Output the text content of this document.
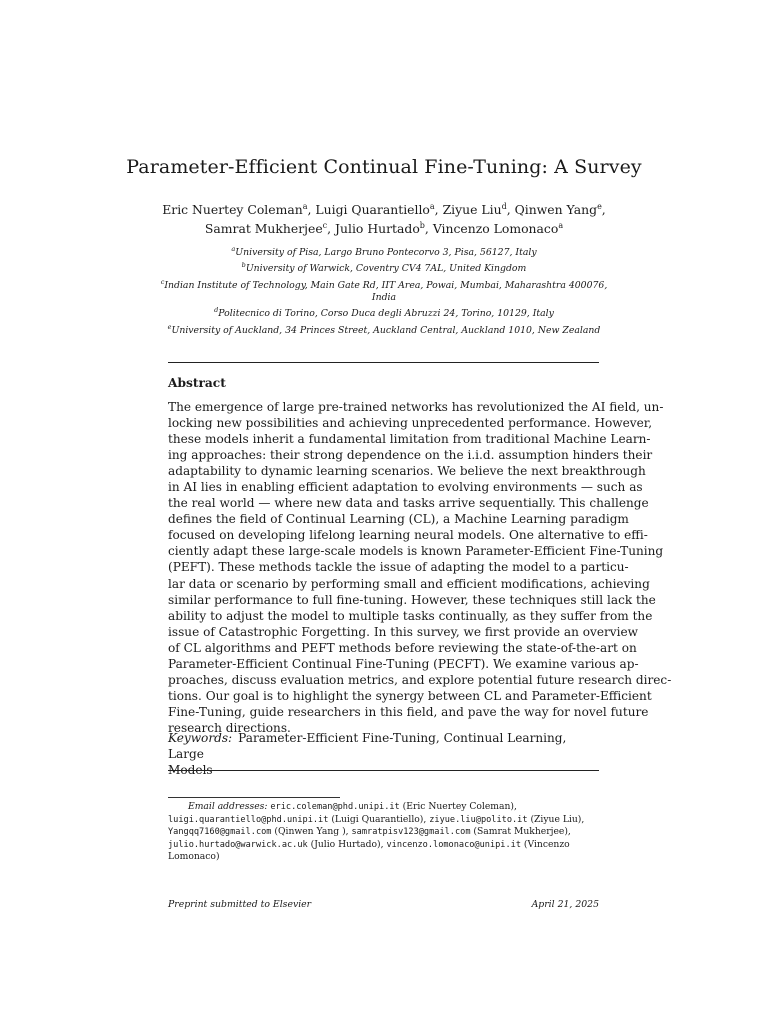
Parameter-Efficient Continual Fine-Tuning: A Survey
Eric Nuertey Coleman$^a$, Luigi Quarantiello$^a$, Ziyue Liu$^d$, Qinwen Yang$^e$,
Samrat Mukherjee$^c$, Julio Hurtado$^b$, Vincenzo Lomonaco$^a$
$^a$University of Pisa, Largo Bruno Pontecorvo 3, Pisa, 56127, Italy
$^b$University of Warwick, Coventry CV4 7AL, United Kingdom
$^c$Indian Institute of Technology, Main Gate Rd, IIT Area, Powai, Mumbai, Maharashtra 400076, India
$^d$Politecnico di Torino, Corso Duca degli Abruzzi 24, Torino, 10129, Italy
$^e$University of Auckland, 34 Princes Street, Auckland Central, Auckland 1010, New Zealand
Abstract
The emergence of large pre-trained networks has revolutionized the AI field, un-
locking new possibilities and achieving unprecedented performance. However,
these models inherit a fundamental limitation from traditional Machine Learn-
ing approaches: their strong dependence on the i.i.d. assumption hinders their
adaptability to dynamic learning scenarios. We believe the next breakthrough
in AI lies in enabling efficient adaptation to evolving environments — such as
the real world — where new data and tasks arrive sequentially. This challenge
defines the field of Continual Learning (CL), a Machine Learning paradigm
focused on developing lifelong learning neural models. One alternative to effi-
ciently adapt these large-scale models is known Parameter-Efficient Fine-Tuning
(PEFT). These methods tackle the issue of adapting the model to a particu-
lar data or scenario by performing small and efficient modifications, achieving
similar performance to full fine-tuning. However, these techniques still lack the
ability to adjust the model to multiple tasks continually, as they suffer from the
issue of Catastrophic Forgetting. In this survey, we first provide an overview
of CL algorithms and PEFT methods before reviewing the state-of-the-art on
Parameter-Efficient Continual Fine-Tuning (PECFT). We examine various ap-
proaches, discuss evaluation metrics, and explore potential future research direc-
tions. Our goal is to highlight the synergy between CL and Parameter-Efficient
Fine-Tuning, guide researchers in this field, and pave the way for novel future
research directions.
Keywords: Parameter-Efficient Fine-Tuning, Continual Learning, Large
Models
Email addresses: eric.coleman@phd.unipi.it (Eric Nuertey Coleman),
luigi.quarantiello@phd.unipi.it (Luigi Quarantiello), ziyue.liu@polito.it (Ziyue Liu),
Yangqq7160@gmail.com (Qinwen Yang ), samratpisv123@gmail.com (Samrat Mukherjee),
julio.hurtado@warwick.ac.uk (Julio Hurtado), vincenzo.lomonaco@unipi.it (Vincenzo
Lomonaco)
Preprint submitted to Elsevier	April 21, 2025
